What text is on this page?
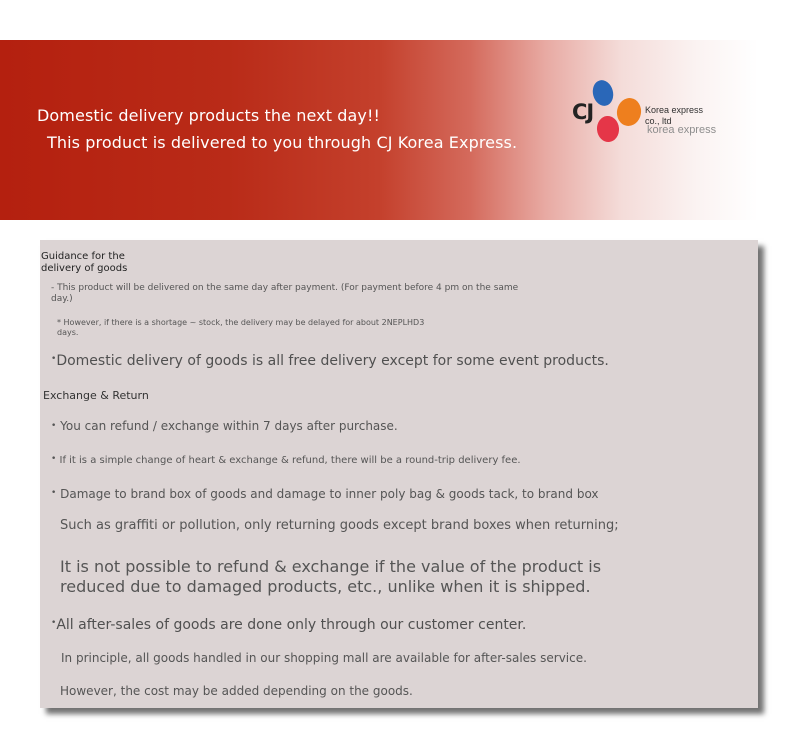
Domestic delivery products the next day!!
This product is delivered to you through CJ Korea Express.
CJ	Korea express
co., ltd
korea express
Guidance for the
delivery of goods
- This product will be delivered on the same day after payment. (For payment before 4 pm on the same
day.)
* However, if there is a shortage ~ stock, the delivery may be delayed for about 2NEPLHD3
days.
•Domestic delivery of goods is all free delivery except for some event products.
Exchange & Return
• You can refund / exchange within 7 days after purchase.
• If it is a simple change of heart & exchange & refund, there will be a round-trip delivery fee.
• Damage to brand box of goods and damage to inner poly bag & goods tack, to brand box
Such as graffiti or pollution, only returning goods except brand boxes when returning;
It is not possible to refund & exchange if the value of the product is
reduced due to damaged products, etc., unlike when it is shipped.
•All after-sales of goods are done only through our customer center.
In principle, all goods handled in our shopping mall are available for after-sales service.
However, the cost may be added depending on the goods.
